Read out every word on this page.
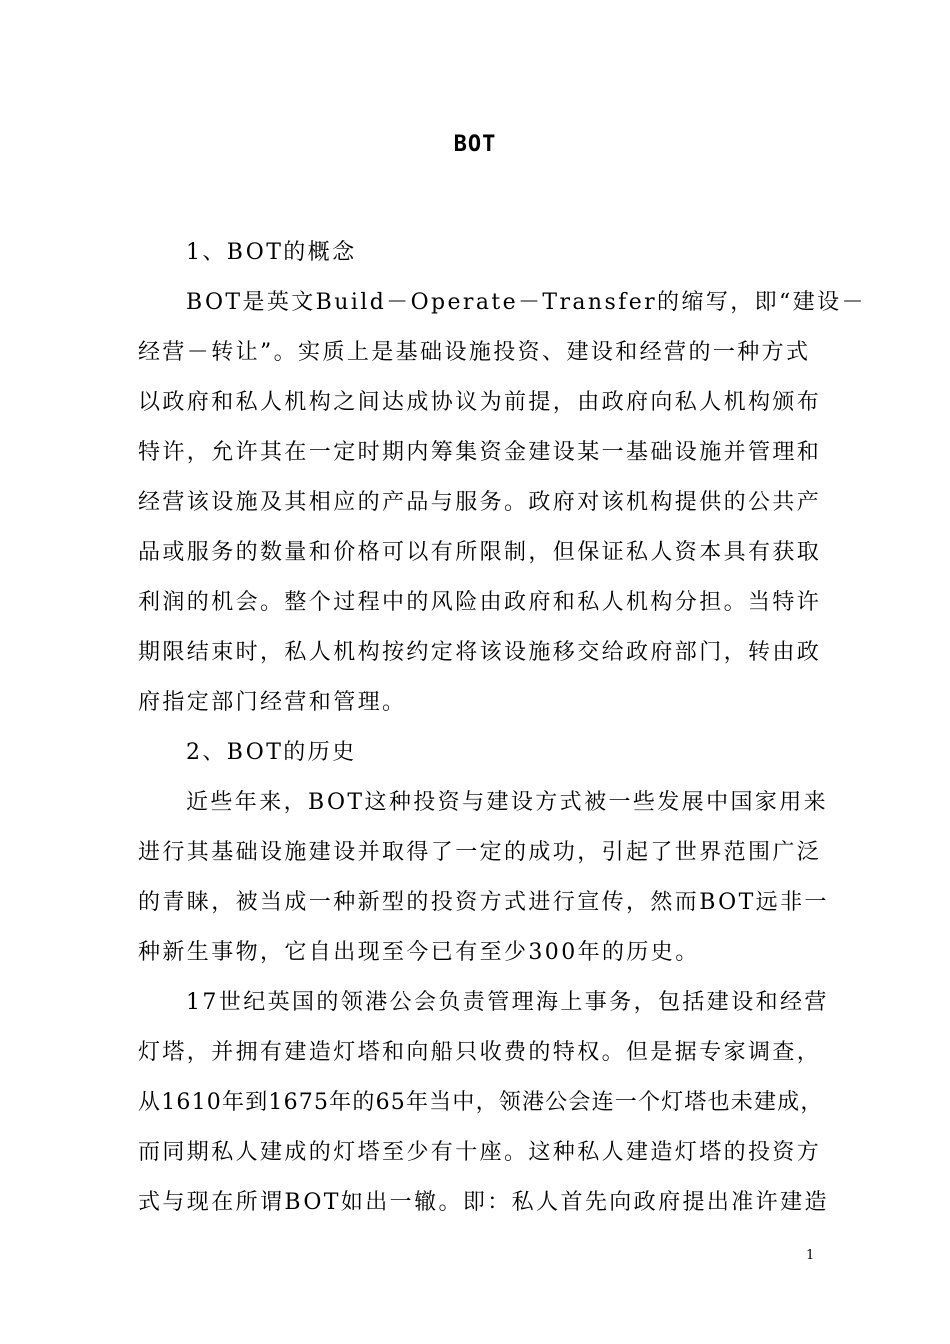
BOT
1、BOT的概念
BOT是英文Build－Operate－Transfer的缩写，即“建设－
经营－转让”。实质上是基础设施投资、建设和经营的一种方式
以政府和私人机构之间达成协议为前提，由政府向私人机构颁布
特许，允许其在一定时期内筹集资金建设某一基础设施并管理和
经营该设施及其相应的产品与服务。政府对该机构提供的公共产
品或服务的数量和价格可以有所限制，但保证私人资本具有获取
利润的机会。整个过程中的风险由政府和私人机构分担。当特许
期限结束时，私人机构按约定将该设施移交给政府部门，转由政
府指定部门经营和管理。
2、BOT的历史
近些年来，BOT这种投资与建设方式被一些发展中国家用来
进行其基础设施建设并取得了一定的成功，引起了世界范围广泛
的青睐，被当成一种新型的投资方式进行宣传，然而BOT远非一
种新生事物，它自出现至今已有至少300年的历史。
17世纪英国的领港公会负责管理海上事务，包括建设和经营
灯塔，并拥有建造灯塔和向船只收费的特权。但是据专家调查，
从1610年到1675年的65年当中，领港公会连一个灯塔也未建成，
而同期私人建成的灯塔至少有十座。这种私人建造灯塔的投资方
式与现在所谓BOT如出一辙。即：私人首先向政府提出准许建造
1
